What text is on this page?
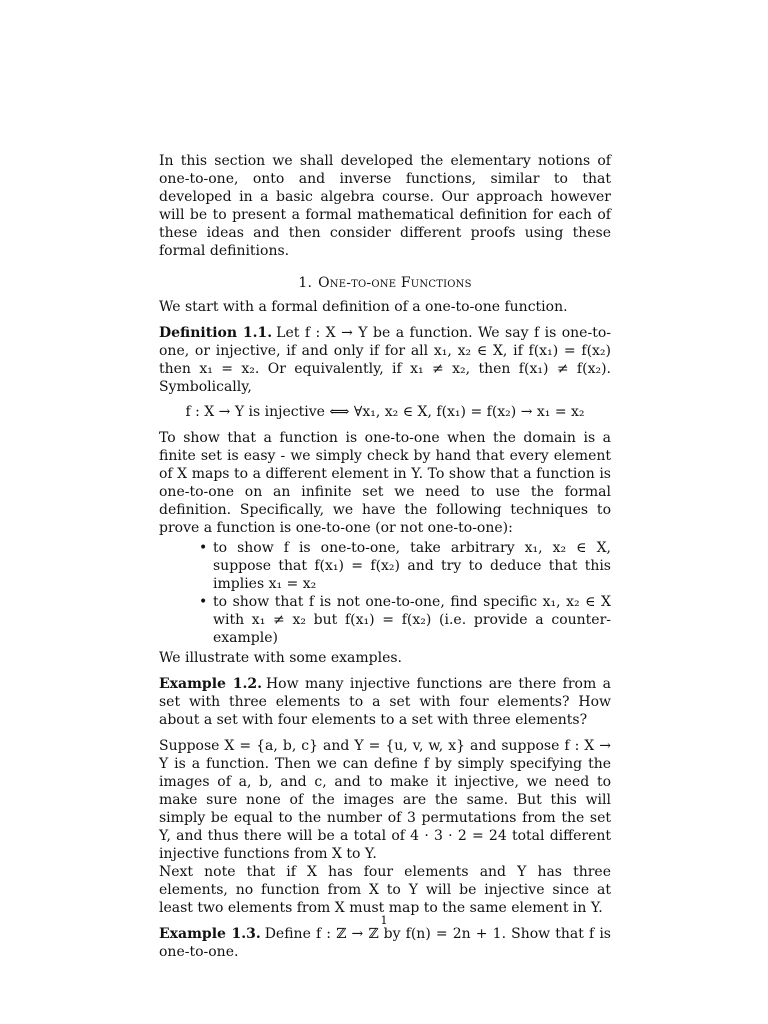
In this section we shall developed the elementary notions of one-to-one, onto and inverse functions, similar to that developed in a basic algebra course. Our approach however will be to present a formal mathematical definition for each of these ideas and then consider different proofs using these formal definitions.

1. One-to-one Functions

We start with a formal definition of a one-to-one function.

Definition 1.1. Let f : X → Y be a function. We say f is one-to-one, or injective, if and only if for all x₁, x₂ ∈ X, if f(x₁) = f(x₂) then x₁ = x₂. Or equivalently, if x₁ ≠ x₂, then f(x₁) ≠ f(x₂). Symbolically,

f : X → Y is injective ⟺ ∀x₁, x₂ ∈ X, f(x₁) = f(x₂) → x₁ = x₂

To show that a function is one-to-one when the domain is a finite set is easy - we simply check by hand that every element of X maps to a different element in Y. To show that a function is one-to-one on an infinite set we need to use the formal definition. Specifically, we have the following techniques to prove a function is one-to-one (or not one-to-one):

• to show f is one-to-one, take arbitrary x₁, x₂ ∈ X, suppose that f(x₁) = f(x₂) and try to deduce that this implies x₁ = x₂
• to show that f is not one-to-one, find specific x₁, x₂ ∈ X with x₁ ≠ x₂ but f(x₁) = f(x₂) (i.e. provide a counter-example)

We illustrate with some examples.

Example 1.2. How many injective functions are there from a set with three elements to a set with four elements? How about a set with four elements to a set with three elements?

Suppose X = {a, b, c} and Y = {u, v, w, x} and suppose f : X → Y is a function. Then we can define f by simply specifying the images of a, b, and c, and to make it injective, we need to make sure none of the images are the same. But this will simply be equal to the number of 3 permutations from the set Y, and thus there will be a total of 4 · 3 · 2 = 24 total different injective functions from X to Y.

Next note that if X has four elements and Y has three elements, no function from X to Y will be injective since at least two elements from X must map to the same element in Y.

Example 1.3. Define f : ℤ → ℤ by f(n) = 2n + 1. Show that f is one-to-one.

1
